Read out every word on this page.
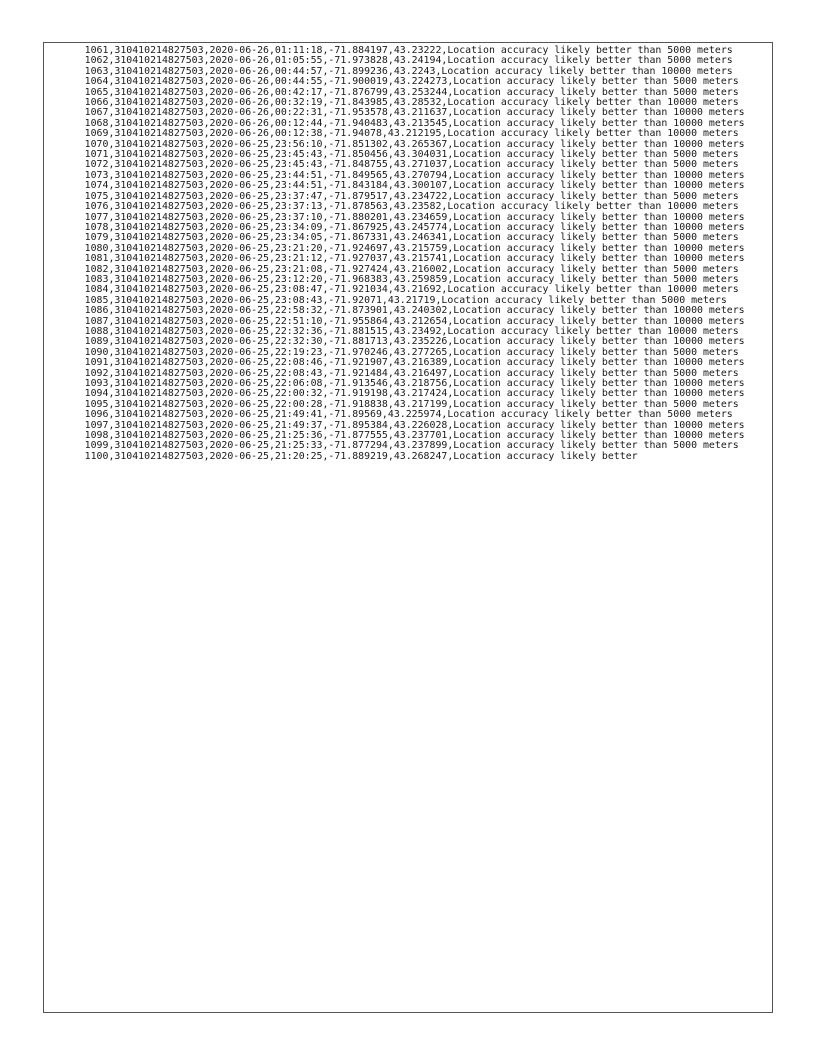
1061,310410214827503,2020-06-26,01:11:18,-71.884197,43.23222,Location accuracy likely better than 5000 meters
1062,310410214827503,2020-06-26,01:05:55,-71.973828,43.24194,Location accuracy likely better than 5000 meters
1063,310410214827503,2020-06-26,00:44:57,-71.899236,43.2243,Location accuracy likely better than 10000 meters
1064,310410214827503,2020-06-26,00:44:55,-71.900019,43.224273,Location accuracy likely better than 5000 meters
1065,310410214827503,2020-06-26,00:42:17,-71.876799,43.253244,Location accuracy likely better than 5000 meters
1066,310410214827503,2020-06-26,00:32:19,-71.843985,43.28532,Location accuracy likely better than 10000 meters
1067,310410214827503,2020-06-26,00:22:31,-71.953578,43.211637,Location accuracy likely better than 10000 meters
1068,310410214827503,2020-06-26,00:12:44,-71.940483,43.213545,Location accuracy likely better than 10000 meters
1069,310410214827503,2020-06-26,00:12:38,-71.94078,43.212195,Location accuracy likely better than 10000 meters
1070,310410214827503,2020-06-25,23:56:10,-71.851302,43.265367,Location accuracy likely better than 10000 meters
1071,310410214827503,2020-06-25,23:45:43,-71.850456,43.304031,Location accuracy likely better than 5000 meters
1072,310410214827503,2020-06-25,23:45:43,-71.848755,43.271037,Location accuracy likely better than 5000 meters
1073,310410214827503,2020-06-25,23:44:51,-71.849565,43.270794,Location accuracy likely better than 10000 meters
1074,310410214827503,2020-06-25,23:44:51,-71.843184,43.300107,Location accuracy likely better than 10000 meters
1075,310410214827503,2020-06-25,23:37:47,-71.879517,43.234722,Location accuracy likely better than 5000 meters
1076,310410214827503,2020-06-25,23:37:13,-71.878563,43.23582,Location accuracy likely better than 10000 meters
1077,310410214827503,2020-06-25,23:37:10,-71.880201,43.234659,Location accuracy likely better than 10000 meters
1078,310410214827503,2020-06-25,23:34:09,-71.867925,43.245774,Location accuracy likely better than 10000 meters
1079,310410214827503,2020-06-25,23:34:05,-71.867331,43.246341,Location accuracy likely better than 5000 meters
1080,310410214827503,2020-06-25,23:21:20,-71.924697,43.215759,Location accuracy likely better than 10000 meters
1081,310410214827503,2020-06-25,23:21:12,-71.927037,43.215741,Location accuracy likely better than 10000 meters
1082,310410214827503,2020-06-25,23:21:08,-71.927424,43.216002,Location accuracy likely better than 5000 meters
1083,310410214827503,2020-06-25,23:12:20,-71.968383,43.259859,Location accuracy likely better than 5000 meters
1084,310410214827503,2020-06-25,23:08:47,-71.921034,43.21692,Location accuracy likely better than 10000 meters
1085,310410214827503,2020-06-25,23:08:43,-71.92071,43.21719,Location accuracy likely better than 5000 meters
1086,310410214827503,2020-06-25,22:58:32,-71.873901,43.240302,Location accuracy likely better than 10000 meters
1087,310410214827503,2020-06-25,22:51:10,-71.955864,43.212654,Location accuracy likely better than 10000 meters
1088,310410214827503,2020-06-25,22:32:36,-71.881515,43.23492,Location accuracy likely better than 10000 meters
1089,310410214827503,2020-06-25,22:32:30,-71.881713,43.235226,Location accuracy likely better than 10000 meters
1090,310410214827503,2020-06-25,22:19:23,-71.970246,43.277265,Location accuracy likely better than 5000 meters
1091,310410214827503,2020-06-25,22:08:46,-71.921907,43.216389,Location accuracy likely better than 10000 meters
1092,310410214827503,2020-06-25,22:08:43,-71.921484,43.216497,Location accuracy likely better than 5000 meters
1093,310410214827503,2020-06-25,22:06:08,-71.913546,43.218756,Location accuracy likely better than 10000 meters
1094,310410214827503,2020-06-25,22:00:32,-71.919198,43.217424,Location accuracy likely better than 10000 meters
1095,310410214827503,2020-06-25,22:00:28,-71.918838,43.217199,Location accuracy likely better than 5000 meters
1096,310410214827503,2020-06-25,21:49:41,-71.89569,43.225974,Location accuracy likely better than 5000 meters
1097,310410214827503,2020-06-25,21:49:37,-71.895384,43.226028,Location accuracy likely better than 10000 meters
1098,310410214827503,2020-06-25,21:25:36,-71.877555,43.237701,Location accuracy likely better than 10000 meters
1099,310410214827503,2020-06-25,21:25:33,-71.877294,43.237899,Location accuracy likely better than 5000 meters
1100,310410214827503,2020-06-25,21:20:25,-71.889219,43.268247,Location accuracy likely better
